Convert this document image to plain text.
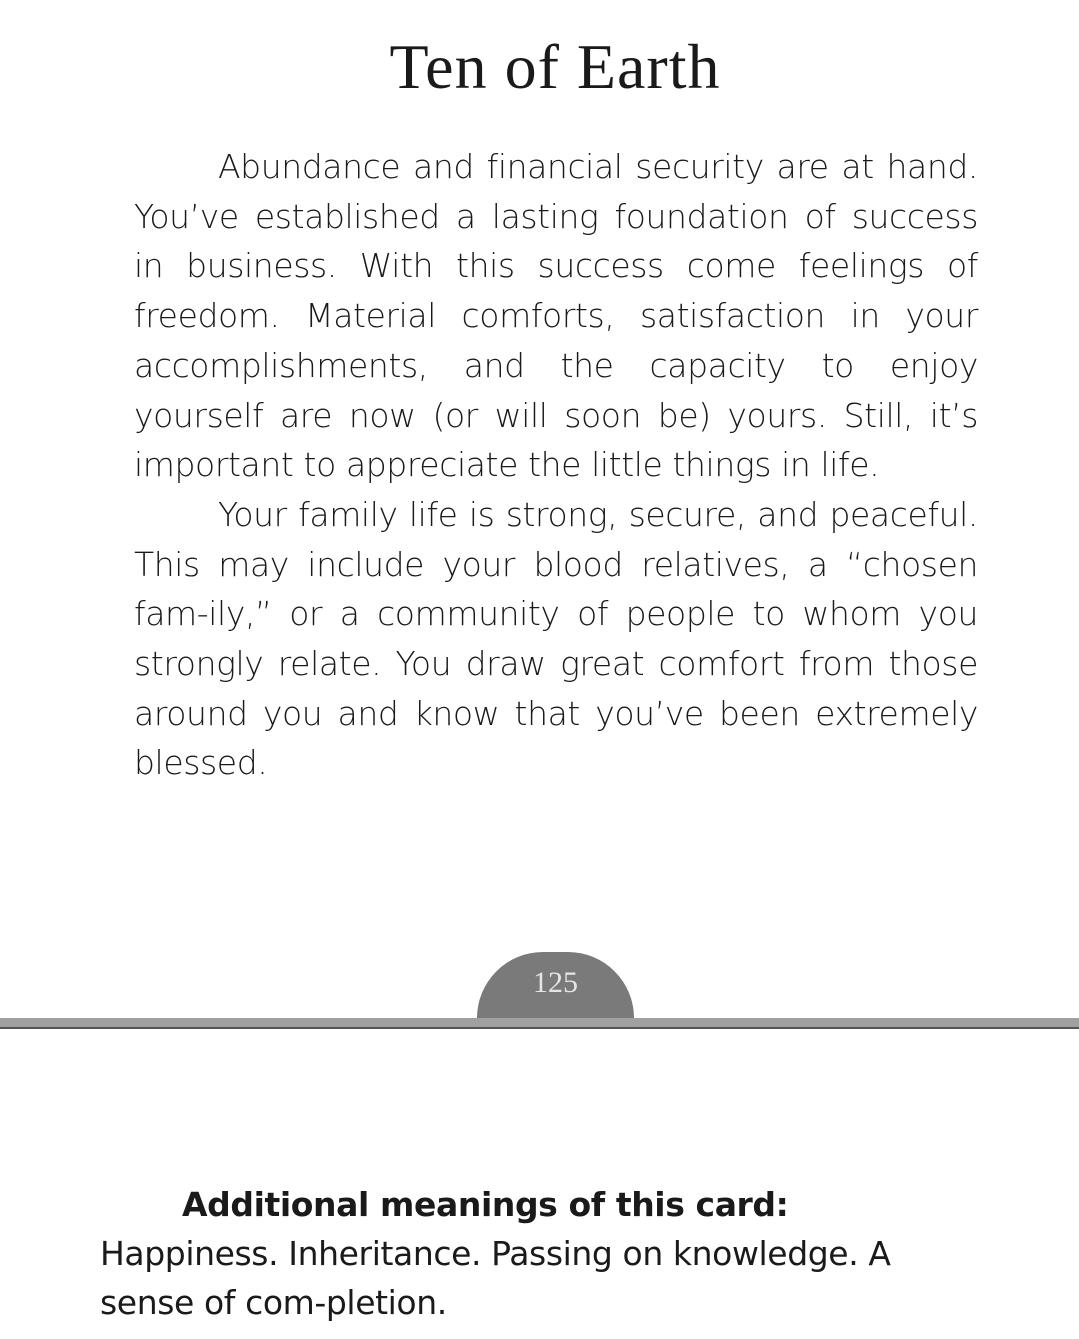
Ten of Earth

Abundance and financial security are at hand. You’ve established a lasting foundation of success in business. With this success come feelings of freedom. Material comforts, satisfaction in your accomplishments, and the capacity to enjoy yourself are now (or will soon be) yours. Still, it’s important to appreciate the little things in life.

Your family life is strong, secure, and peaceful. This may include your blood relatives, a “chosen fam-ily,” or a community of people to whom you strongly relate. You draw great comfort from those around you and know that you’ve been extremely blessed.

125

Additional meanings of this card: Happiness. Inheritance. Passing on knowledge. A sense of com-pletion.
